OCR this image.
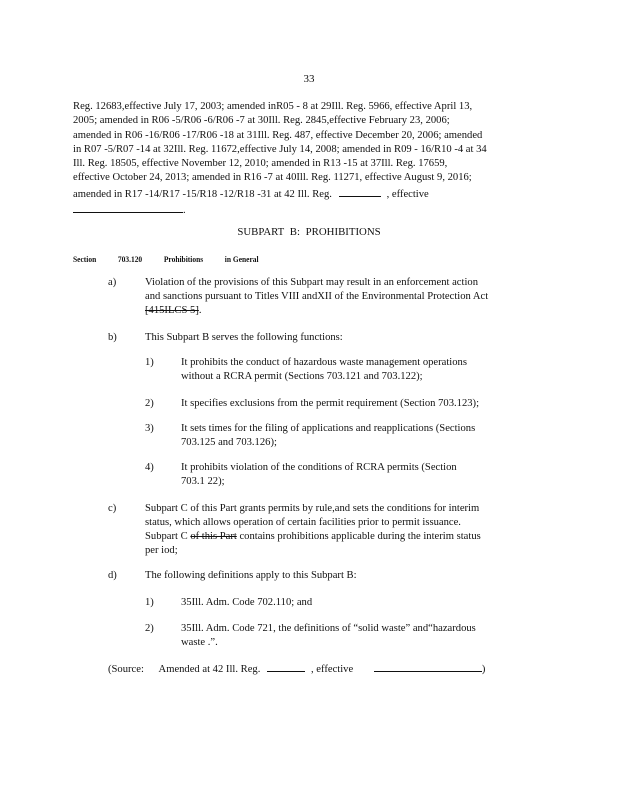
33
Reg. 12683,effective July 17, 2003; amended inR05 - 8 at 29Ill. Reg. 5966, effective April 13,
2005; amended in R06 -5/R06 -6/R06 -7 at 30Ill. Reg. 2845,effective February 23, 2006;
amended in R06 -16/R06 -17/R06 -18 at 31Ill. Reg. 487, effective December 20, 2006; amended
in R07 -5/R07 -14 at 32Ill. Reg. 11672,effective July 14, 2008; amended in R09 - 16/R10 -4 at 34
Ill. Reg. 18505, effective November 12, 2010; amended in R13 -15 at 37Ill. Reg. 17659,
effective October 24, 2013; amended in R16 -7 at 40Ill. Reg. 11271, effective August 9, 2016;
amended in R17 -14/R17 -15/R18 -12/R18 -31 at 42 Ill. Reg.	, effective
.
SUBPART B: PROHIBITIONS
Section	703.120	Prohibitions	in General
a)	Violation of the provisions of this Subpart may result in an enforcement action
and sanctions pursuant to Titles VIII andXII of the Environmental Protection Act
[415ILCS 5].
b)	This Subpart B serves the following functions:
1)	It prohibits the conduct of hazardous waste management operations
without a RCRA permit (Sections 703.121 and 703.122);
2)	It specifies exclusions from the permit requirement (Section 703.123);
3)	It sets times for the filing of applications and reapplications (Sections
703.125 and 703.126);
4)	It prohibits violation of the conditions of RCRA permits (Section
703.1 22);
c)	Subpart C of this Part grants permits by rule,and sets the conditions for interim
status, which allows operation of certain facilities prior to permit issuance.
Subpart C of this Part contains prohibitions applicable during the interim status
per iod;
d)	The following definitions apply to this Subpart B:
1)	35Ill. Adm. Code 702.110; and
2)	35Ill. Adm. Code 721, the definitions of “solid waste” and“hazardous
waste .”.
(Source: Amended at 42 Ill. Reg.	, effective	)
